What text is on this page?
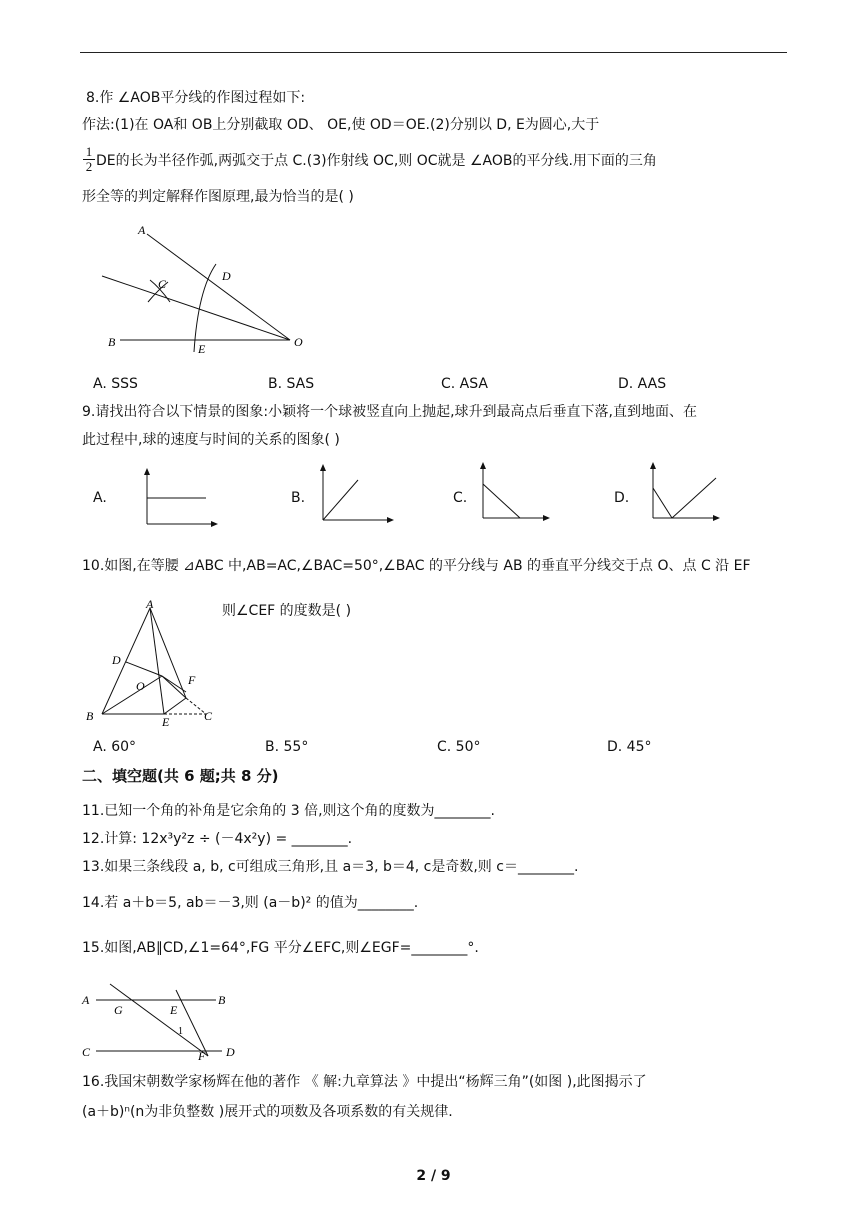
8.作 ∠AOB平分线的作图过程如下:
作法:(1)在 OA和 OB上分别截取 OD、 OE,使 OD＝OE.(2)分别以 D, E为圆心,大于
$\frac{1}{2}$ DE的长为半径作弧,两弧交于点 C.(3)作射线 OC,则 OC就是 ∠AOB的平分线.用下面的三角
形全等的判定解释作图原理,最为恰当的是( )
A
B
C
D
E	O
A. SSS	B. SAS	C. ASA	D. AAS
9.请找出符合以下情景的图象:小颖将一个球被竖直向上抛起,球升到最高点后垂直下落,直到地面、在
此过程中,球的速度与时间的关系的图象( )
A.	B.	C.	D.
10.如图,在等腰 ⊿ABC 中,AB=AC,∠BAC=50°,∠BAC 的平分线与 AB 的垂直平分线交于点 O、点 C 沿 EF
则∠CEF 的度数是( )
A
B	C
D
E
F
O
A. 60°	B. 55°	C. 50°	D. 45°
二、填空题(共 6 题;共 8 分)
11.已知一个角的补角是它余角的 3 倍,则这个角的度数为________.
12.计算: 12x³y²z ÷ (－4x²y) = ________.
13.如果三条线段 a, b, c可组成三角形,且 a＝3, b＝4, c是奇数,则 c＝________.
14.若 a＋b＝5, ab＝－3,则 (a－b)² 的值为________.
15.如图,AB∥CD,∠1=64°,FG 平分∠EFC,则∠EGF=________°.
A	B
C	D
E
F
G
1
16.我国宋朝数学家杨辉在他的著作 《 解:九章算法 》中提出“杨辉三角”(如图 ),此图揭示了
(a＋b)ⁿ(n为非负整数 )展开式的项数及各项系数的有关规律.
2 / 9
